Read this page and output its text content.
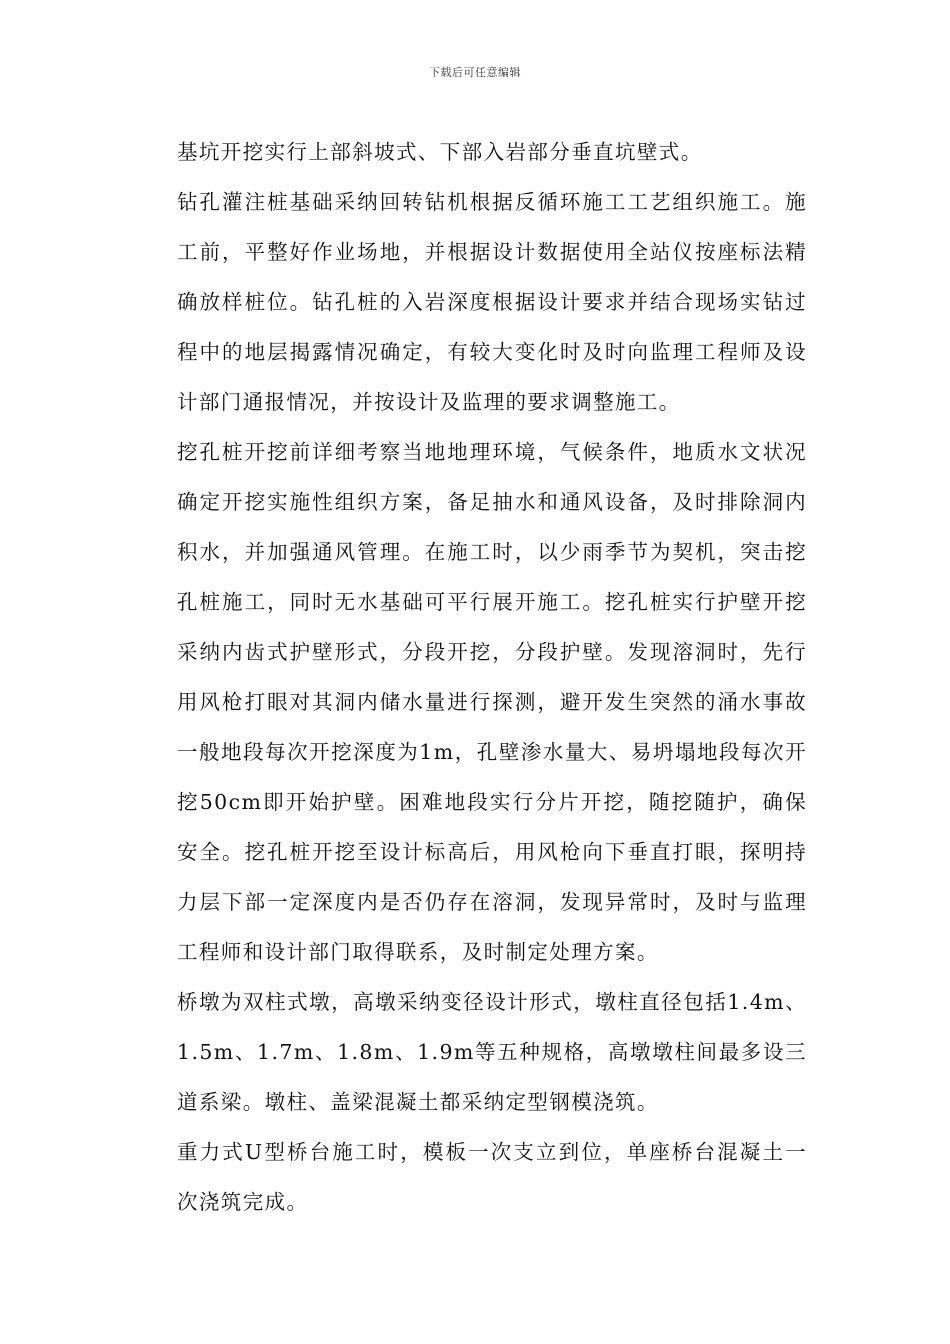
下载后可任意编辑

基坑开挖实行上部斜坡式、下部入岩部分垂直坑壁式。

钻孔灌注桩基础采纳回转钻机根据反循环施工工艺组织施工。施工前，平整好作业场地，并根据设计数据使用全站仪按座标法精确放样桩位。钻孔桩的入岩深度根据设计要求并结合现场实钻过程中的地层揭露情况确定，有较大变化时及时向监理工程师及设计部门通报情况，并按设计及监理的要求调整施工。

挖孔桩开挖前详细考察当地地理环境，气候条件，地质水文状况确定开挖实施性组织方案，备足抽水和通风设备，及时排除洞内积水，并加强通风管理。在施工时，以少雨季节为契机，突击挖孔桩施工，同时无水基础可平行展开施工。挖孔桩实行护壁开挖采纳内齿式护壁形式，分段开挖，分段护壁。发现溶洞时，先行用风枪打眼对其洞内储水量进行探测，避开发生突然的涌水事故一般地段每次开挖深度为1m，孔壁渗水量大、易坍塌地段每次开挖50cm即开始护壁。困难地段实行分片开挖，随挖随护，确保安全。挖孔桩开挖至设计标高后，用风枪向下垂直打眼，探明持力层下部一定深度内是否仍存在溶洞，发现异常时，及时与监理工程师和设计部门取得联系，及时制定处理方案。

桥墩为双柱式墩，高墩采纳变径设计形式，墩柱直径包括1.4m、1.5m、1.7m、1.8m、1.9m等五种规格，高墩墩柱间最多设三道系梁。墩柱、盖梁混凝土都采纳定型钢模浇筑。

重力式U型桥台施工时，模板一次支立到位，单座桥台混凝土一次浇筑完成。
